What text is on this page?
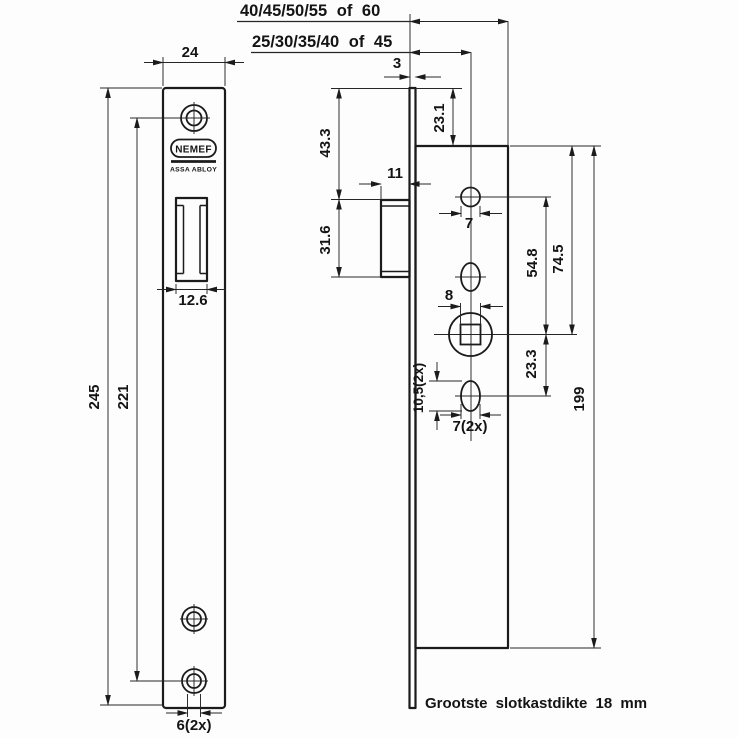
NEMEF
ASSA ABLOY
12.6
245 221
6(2x)
24
40/45/50/55 of 60
25/30/35/40 of 45
3
43.3
31.6
11
23.1
7
8
10,5(2x)
7(2x)
54.8 74.5
23.3
199
Grootste slotkastdikte 18 mm
